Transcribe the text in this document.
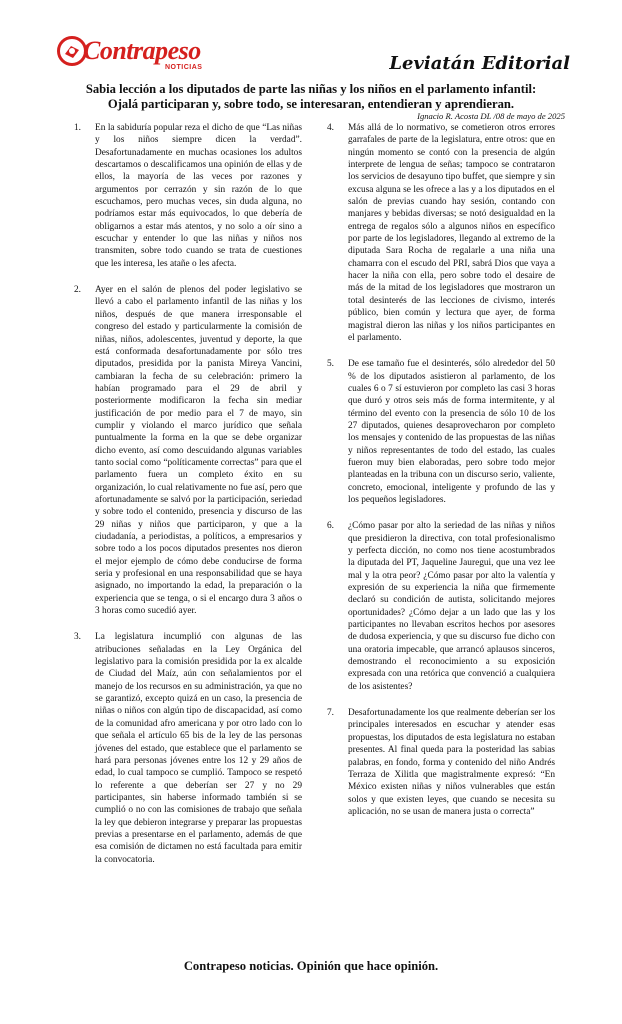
Contrapeso
NOTICIAS	Leviatán Editorial
Sabia lección a los diputados de parte las niñas y los niños en el parlamento infantil:
Ojalá participaran y, sobre todo, se interesaran, entendieran y aprendieran.
Ignacio R. Acosta DL /08 de mayo de 2025
1. En la sabiduría popular reza el dicho de que “Las niñas y los niños siempre dicen la verdad”. Desafortunadamente en muchas ocasiones los adultos descartamos o descalificamos una opinión de ellas y de ellos, la mayoría de las veces por razones y argumentos por cerrazón y sin razón de lo que escuchamos, pero muchas veces, sin duda alguna, no podríamos estar más equivocados, lo que debería de obligarnos a estar más atentos, y no solo a oír sino a escuchar y entender lo que las niñas y niños nos transmiten, sobre todo cuando se trata de cuestiones que les interesa, les atañe o les afecta.
2. Ayer en el salón de plenos del poder legislativo se llevó a cabo el parlamento infantil de las niñas y los niños, después de que manera irresponsable el congreso del estado y particularmente la comisión de niñas, niños, adolescentes, juventud y deporte, la que está conformada desafortunadamente por sólo tres diputados, presidida por la panista Mireya Vancini, cambiaran la fecha de su celebración: primero la habían programado para el 29 de abril y posteriormente modificaron la fecha sin mediar justificación de por medio para el 7 de mayo, sin cumplir y violando el marco jurídico que señala puntualmente la forma en la que se debe organizar dicho evento, así como descuidando algunas variables tanto social como “políticamente correctas” para que el parlamento fuera un completo éxito en su organización, lo cual relativamente no fue así, pero que afortunadamente se salvó por la participación, seriedad y sobre todo el contenido, presencia y discurso de las 29 niñas y niños que participaron, y que a la ciudadanía, a periodistas, a políticos, a empresarios y sobre todo a los pocos diputados presentes nos dieron el mejor ejemplo de cómo debe conducirse de forma seria y profesional en una responsabilidad que se haya asignado, no importando la edad, la preparación o la experiencia que se tenga, o si el encargo dura 3 años o 3 horas como sucedió ayer.
3. La legislatura incumplió con algunas de las atribuciones señaladas en la Ley Orgánica del legislativo para la comisión presidida por la ex alcalde de Ciudad del Maíz, aún con señalamientos por el manejo de los recursos en su administración, ya que no se garantizó, excepto quizá en un caso, la presencia de niñas o niños con algún tipo de discapacidad, así como de la comunidad afro americana y por otro lado con lo que señala el artículo 65 bis de la ley de las personas jóvenes del estado, que establece que el parlamento se hará para personas jóvenes entre los 12 y 29 años de edad, lo cual tampoco se cumplió. Tampoco se respetó lo referente a que deberían ser 27 y no 29 participantes, sin haberse informado también si se cumplió o no con las comisiones de trabajo que señala la ley que debieron integrarse y preparar las propuestas previas a presentarse en el parlamento, además de que esa comisión de dictamen no está facultada para emitir la convocatoria.
4. Más allá de lo normativo, se cometieron otros errores garrafales de parte de la legislatura, entre otros: que en ningún momento se contó con la presencia de algún interprete de lengua de señas; tampoco se contrataron los servicios de desayuno tipo buffet, que siempre y sin excusa alguna se les ofrece a las y a los diputados en el salón de previas cuando hay sesión, contando con manjares y bebidas diversas; se notó desigualdad en la entrega de regalos sólo a algunos niños en específico por parte de los legisladores, llegando al extremo de la diputada Sara Rocha de regalarle a una niña una chamarra con el escudo del PRI, sabrá Dios que vaya a hacer la niña con ella, pero sobre todo el desaire de más de la mitad de los legisladores que mostraron un total desinterés de las lecciones de civismo, interés público, bien común y lectura que ayer, de forma magistral dieron las niñas y los niños participantes en el parlamento.
5. De ese tamaño fue el desinterés, sólo alrededor del 50 % de los diputados asistieron al parlamento, de los cuales 6 o 7 sí estuvieron por completo las casi 3 horas que duró y otros seis más de forma intermitente, y al término del evento con la presencia de sólo 10 de los 27 diputados, quienes desaprovecharon por completo los mensajes y contenido de las propuestas de las niñas y niños representantes de todo del estado, las cuales fueron muy bien elaboradas, pero sobre todo mejor planteadas en la tribuna con un discurso serio, valiente, concreto, emocional, inteligente y profundo de las y los pequeños legisladores.
6. ¿Cómo pasar por alto la seriedad de las niñas y niños que presidieron la directiva, con total profesionalismo y perfecta dicción, no como nos tiene acostumbrados la diputada del PT, Jaqueline Jauregui, que una vez lee mal y la otra peor? ¿Cómo pasar por alto la valentía y expresión de su experiencia la niña que firmemente declaró su condición de autista, solicitando mejores oportunidades? ¿Cómo dejar a un lado que las y los participantes no llevaban escritos hechos por asesores de dudosa experiencia, y que su discurso fue dicho con una oratoria impecable, que arrancó aplausos sinceros, demostrando el reconocimiento a su exposición expresada con una retórica que convenció a cualquiera de los asistentes?
7. Desafortunadamente los que realmente deberían ser los principales interesados en escuchar y atender esas propuestas, los diputados de esta legislatura no estaban presentes. Al final queda para la posteridad las sabias palabras, en fondo, forma y contenido del niño Andrés Terraza de Xilitla que magistralmente expresó: “En México existen niñas y niños vulnerables que están solos y que existen leyes, que cuando se necesita su aplicación, no se usan de manera justa o correcta”
Contrapeso noticias. Opinión que hace opinión.
